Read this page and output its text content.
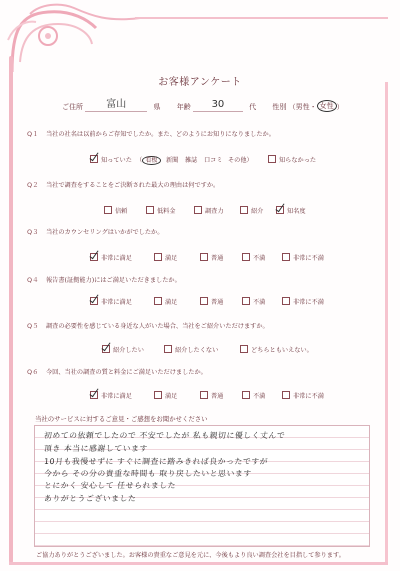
お客様アンケート
ご住所 富山	県 年齢 30	代 性別 （男性・ 女性 ）
Q１ 当社の社名は以前からご存知でしたか。また、どのようにお知りになりましたか。
知っていた （ 看板	新聞 雑誌 口コミ その他）	知らなかった
Q２ 当社で調査をすることをご決断された最大の理由は何ですか。
信頼	低料金	調査力	紹介	知名度
Q３ 当社のカウンセリングはいかがでしたか。
非常に満足	満足	普通	不満	非常に不満
Q４ 報告書(証拠能力)にはご満足いただきましたか。
非常に満足	満足	普通	不満	非常に不満
Q５ 調査の必要性を感じている身近な人がいた場合、当社をご紹介いただけますか。
紹介したい	紹介したくない	どちらともいえない。
Q６ 今回、当社の調査の質と料金にご満足いただけましたか。
非常に満足	満足	普通	不満	非常に不満
当社のサービスに対するご意見・ご感想をお聞かせください
初めての依頼でしたので 不安でしたが 私も親切に優しく丈んで
頂き 本当に感謝しています
10月も我慢せずに すぐに調査に踏みきれば良かったですが
今から その分の貴重な時間も 取り戻したいと思います
とにかく 安心して 任せられました
ありがとうございました
ご協力ありがとうございました。お客様の貴重なご意見を元に、今後もより良い調査会社を目指して参ります。
